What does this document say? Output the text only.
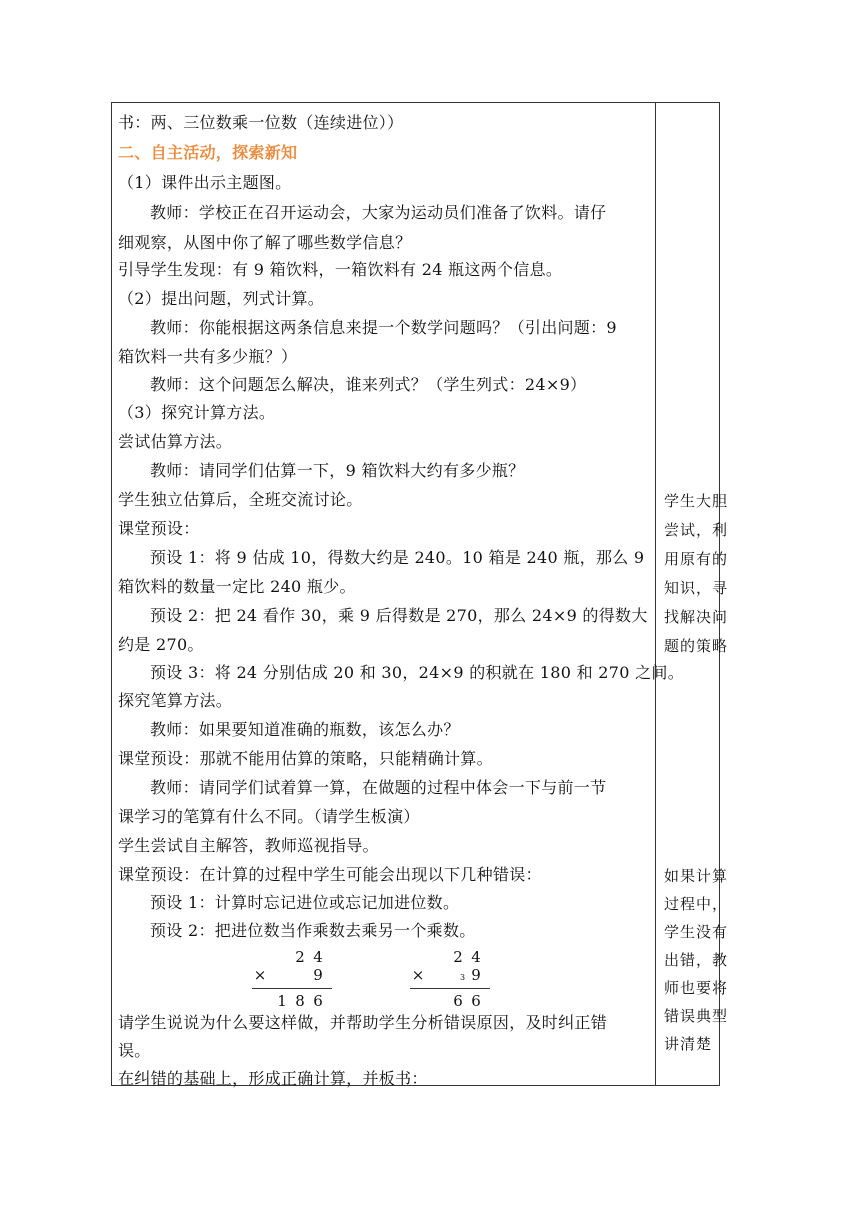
书：两、三位数乘一位数（连续进位））
二、自主活动，探索新知
（1）课件出示主题图。
教师：学校正在召开运动会，大家为运动员们准备了饮料。请仔
细观察，从图中你了解了哪些数学信息？
引导学生发现：有 9 箱饮料，一箱饮料有 24 瓶这两个信息。
（2）提出问题，列式计算。
教师：你能根据这两条信息来提一个数学问题吗？（引出问题：9
箱饮料一共有多少瓶？）
教师：这个问题怎么解决，谁来列式？（学生列式：24×9）
（3）探究计算方法。
尝试估算方法。
教师：请同学们估算一下，9 箱饮料大约有多少瓶？
学生独立估算后，全班交流讨论。
课堂预设：
预设 1：将 9 估成 10，得数大约是 240。10 箱是 240 瓶，那么 9
箱饮料的数量一定比 240 瓶少。
预设 2：把 24 看作 30，乘 9 后得数是 270，那么 24×9 的得数大
约是 270。
预设 3：将 24 分别估成 20 和 30，24×9 的积就在 180 和 270 之间。
探究笔算方法。
教师：如果要知道准确的瓶数，该怎么办？
课堂预设：那就不能用估算的策略，只能精确计算。
教师：请同学们试着算一算，在做题的过程中体会一下与前一节
课学习的笔算有什么不同。（请学生板演）
学生尝试自主解答，教师巡视指导。
课堂预设：在计算的过程中学生可能会出现以下几种错误：
预设 1：计算时忘记进位或忘记加进位数。
预设 2：把进位数当作乘数去乘另一个乘数。
2 4
×	9
1 8 6
2 4
×	3 9
6 6
请学生说说为什么要这样做，并帮助学生分析错误原因，及时纠正错
误。
在纠错的基础上，形成正确计算，并板书：
学生大胆
尝试，利
用原有的
知识，寻
找解决问
题的策略
如果计算
过程中，
学生没有
出错，教
师也要将
错误典型
讲清楚
